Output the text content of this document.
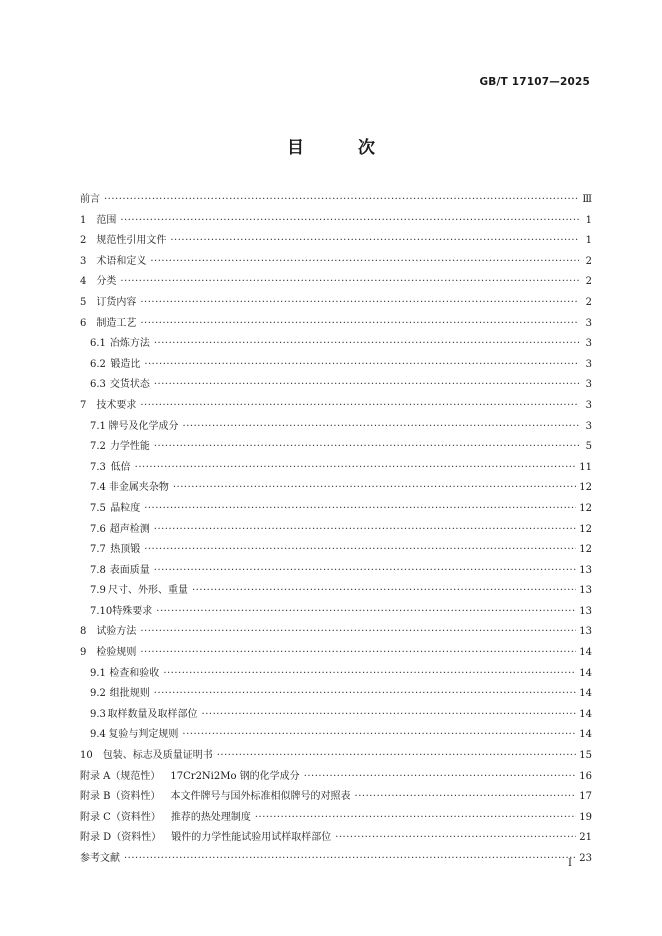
GB/T 17107—2025
目 次
前言 ·····	Ⅲ
1 范围 ·····	1
2 规范性引用文件 ·····	1
3 术语和定义 ·····	2
4 分类 ·····	2
5 订货内容 ·····	2
6 制造工艺 ·····	3
6.1 冶炼方法 ·····	3
6.2 锻造比 ·····	3
6.3 交货状态 ·····	3
7 技术要求 ·····	3
7.1 牌号及化学成分 ·····	3
7.2 力学性能 ·····	5
7.3 低倍 ·····	11
7.4 非金属夹杂物 ·····	12
7.5 晶粒度 ·····	12
7.6 超声检测 ·····	12
7.7 热顶锻 ·····	12
7.8 表面质量 ·····	13
7.9 尺寸、外形、重量 ·····	13
7.10 特殊要求 ·····	13
8 试验方法 ·····	13
9 检验规则 ·····	14
9.1 检查和验收 ·····	14
9.2 组批规则 ·····	14
9.3 取样数量及取样部位 ·····	14
9.4 复验与判定规则 ·····	14
10 包装、标志及质量证明书 ·····	15
附录 A（规范性） 17Cr2Ni2Mo 钢的化学成分 ·····	16
附录 B（资料性） 本文件牌号与国外标准相似牌号的对照表 ·····	17
附录 C（资料性） 推荐的热处理制度 ·····	19
附录 D（资料性） 锻件的力学性能试验用试样取样部位 ·····	21
参考文献 ·····	23
Ⅰ
